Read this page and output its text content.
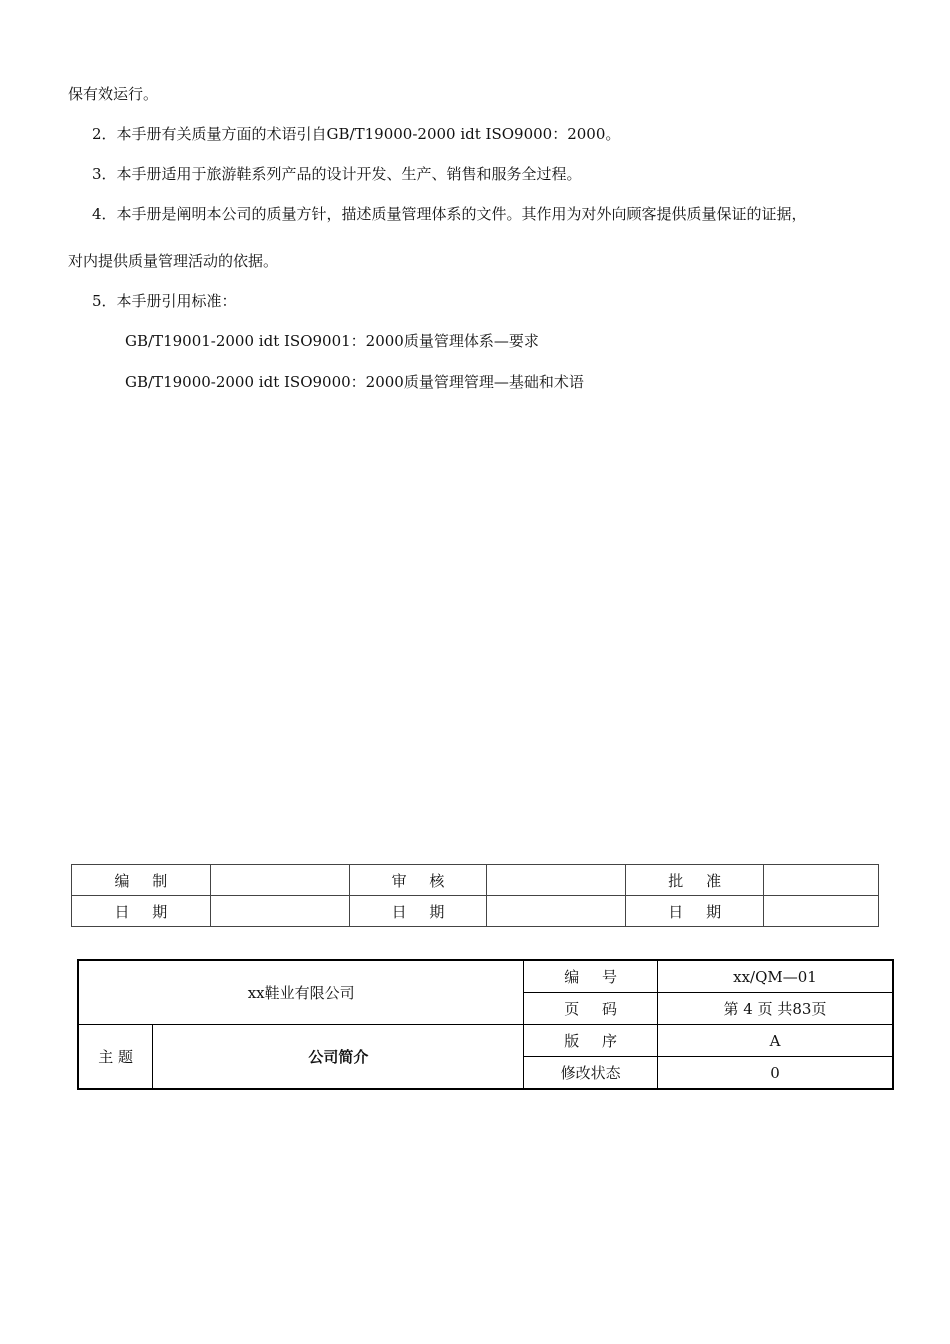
保有效运行。
2．本手册有关质量方面的术语引自GB/T19000-2000 idt ISO9000：2000。
3．本手册适用于旅游鞋系列产品的设计开发、生产、销售和服务全过程。
4．本手册是阐明本公司的质量方针，描述质量管理体系的文件。其作用为对外向顾客提供质量保证的证据，
对内提供质量管理活动的依据。
5．本手册引用标准：
GB/T19001-2000 idt ISO9001：2000质量管理体系—要求
GB/T19000-2000 idt ISO9000：2000质量管理管理—基础和术语
编 制		审 核		批 准	
日 期		日 期		日 期	
xx鞋业有限公司		编 号	xx/QM—01
		页 码	第 4 页 共83页
主 题	公司简介	版 序	A
		修改状态	0
